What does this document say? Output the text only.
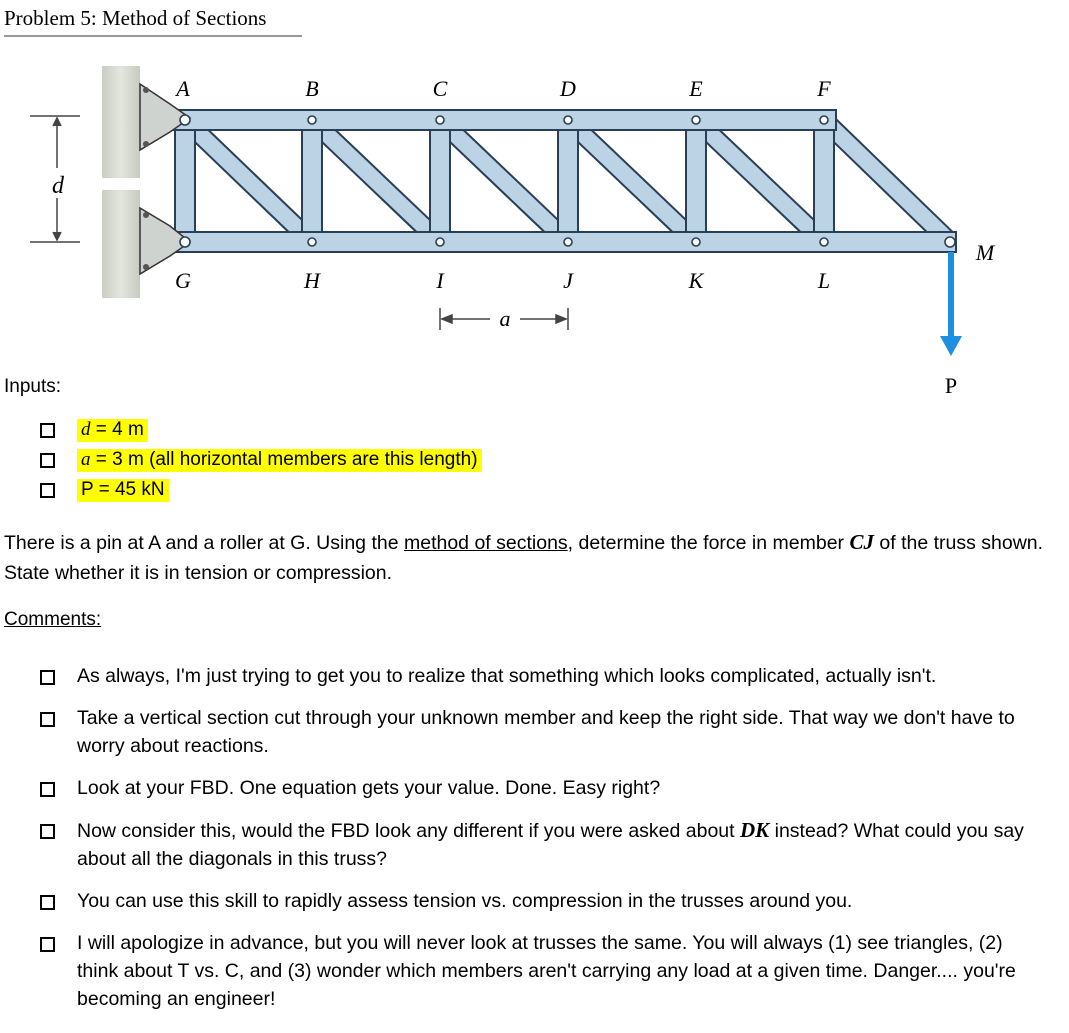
Problem 5: Method of Sections
d
A	B	C	D	E	F
G	H	I	J	K	L
M
a
P
Inputs:
d = 4 m
a = 3 m (all horizontal members are this length)
P = 45 kN
There is a pin at A and a roller at G. Using the method of sections, determine the force in member CJ of the truss shown. State whether it is in tension or compression.
Comments:
As always, I'm just trying to get you to realize that something which looks complicated, actually isn't.
Take a vertical section cut through your unknown member and keep the right side. That way we don't have to worry about reactions.
Look at your FBD. One equation gets your value. Done. Easy right?
Now consider this, would the FBD look any different if you were asked about DK instead? What could you say about all the diagonals in this truss?
You can use this skill to rapidly assess tension vs. compression in the trusses around you.
I will apologize in advance, but you will never look at trusses the same. You will always (1) see triangles, (2) think about T vs. C, and (3) wonder which members aren't carrying any load at a given time. Danger.... you're becoming an engineer!
